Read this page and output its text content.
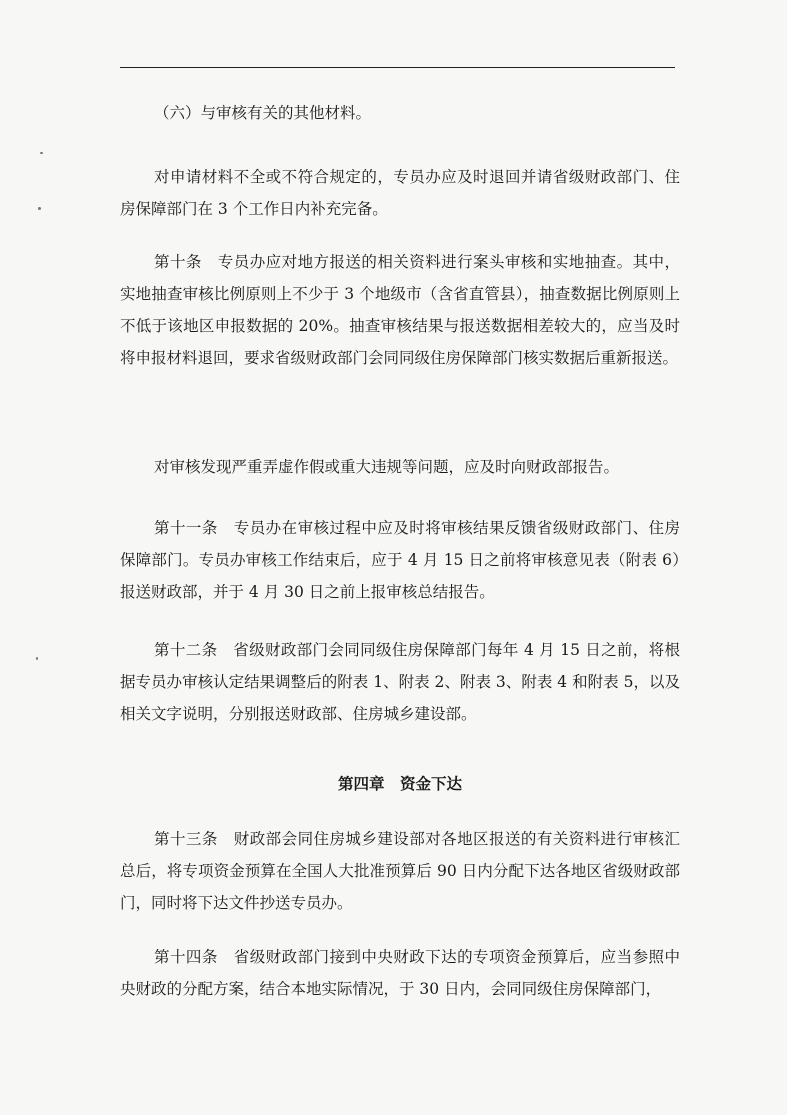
（六）与审核有关的其他材料。

对申请材料不全或不符合规定的，专员办应及时退回并请省级财政部门、住房保障部门在 3 个工作日内补充完备。

第十条　专员办应对地方报送的相关资料进行案头审核和实地抽查。其中，实地抽查审核比例原则上不少于 3 个地级市（含省直管县），抽查数据比例原则上不低于该地区申报数据的 20%。抽查审核结果与报送数据相差较大的，应当及时将申报材料退回，要求省级财政部门会同同级住房保障部门核实数据后重新报送。

对审核发现严重弄虚作假或重大违规等问题，应及时向财政部报告。

第十一条　专员办在审核过程中应及时将审核结果反馈省级财政部门、住房保障部门。专员办审核工作结束后，应于 4 月 15 日之前将审核意见表（附表 6）报送财政部，并于 4 月 30 日之前上报审核总结报告。

第十二条　省级财政部门会同同级住房保障部门每年 4 月 15 日之前，将根据专员办审核认定结果调整后的附表 1、附表 2、附表 3、附表 4 和附表 5，以及相关文字说明，分别报送财政部、住房城乡建设部。

第四章　资金下达

第十三条　财政部会同住房城乡建设部对各地区报送的有关资料进行审核汇总后，将专项资金预算在全国人大批准预算后 90 日内分配下达各地区省级财政部门，同时将下达文件抄送专员办。

第十四条　省级财政部门接到中央财政下达的专项资金预算后，应当参照中央财政的分配方案，结合本地实际情况，于 30 日内，会同同级住房保障部门，
